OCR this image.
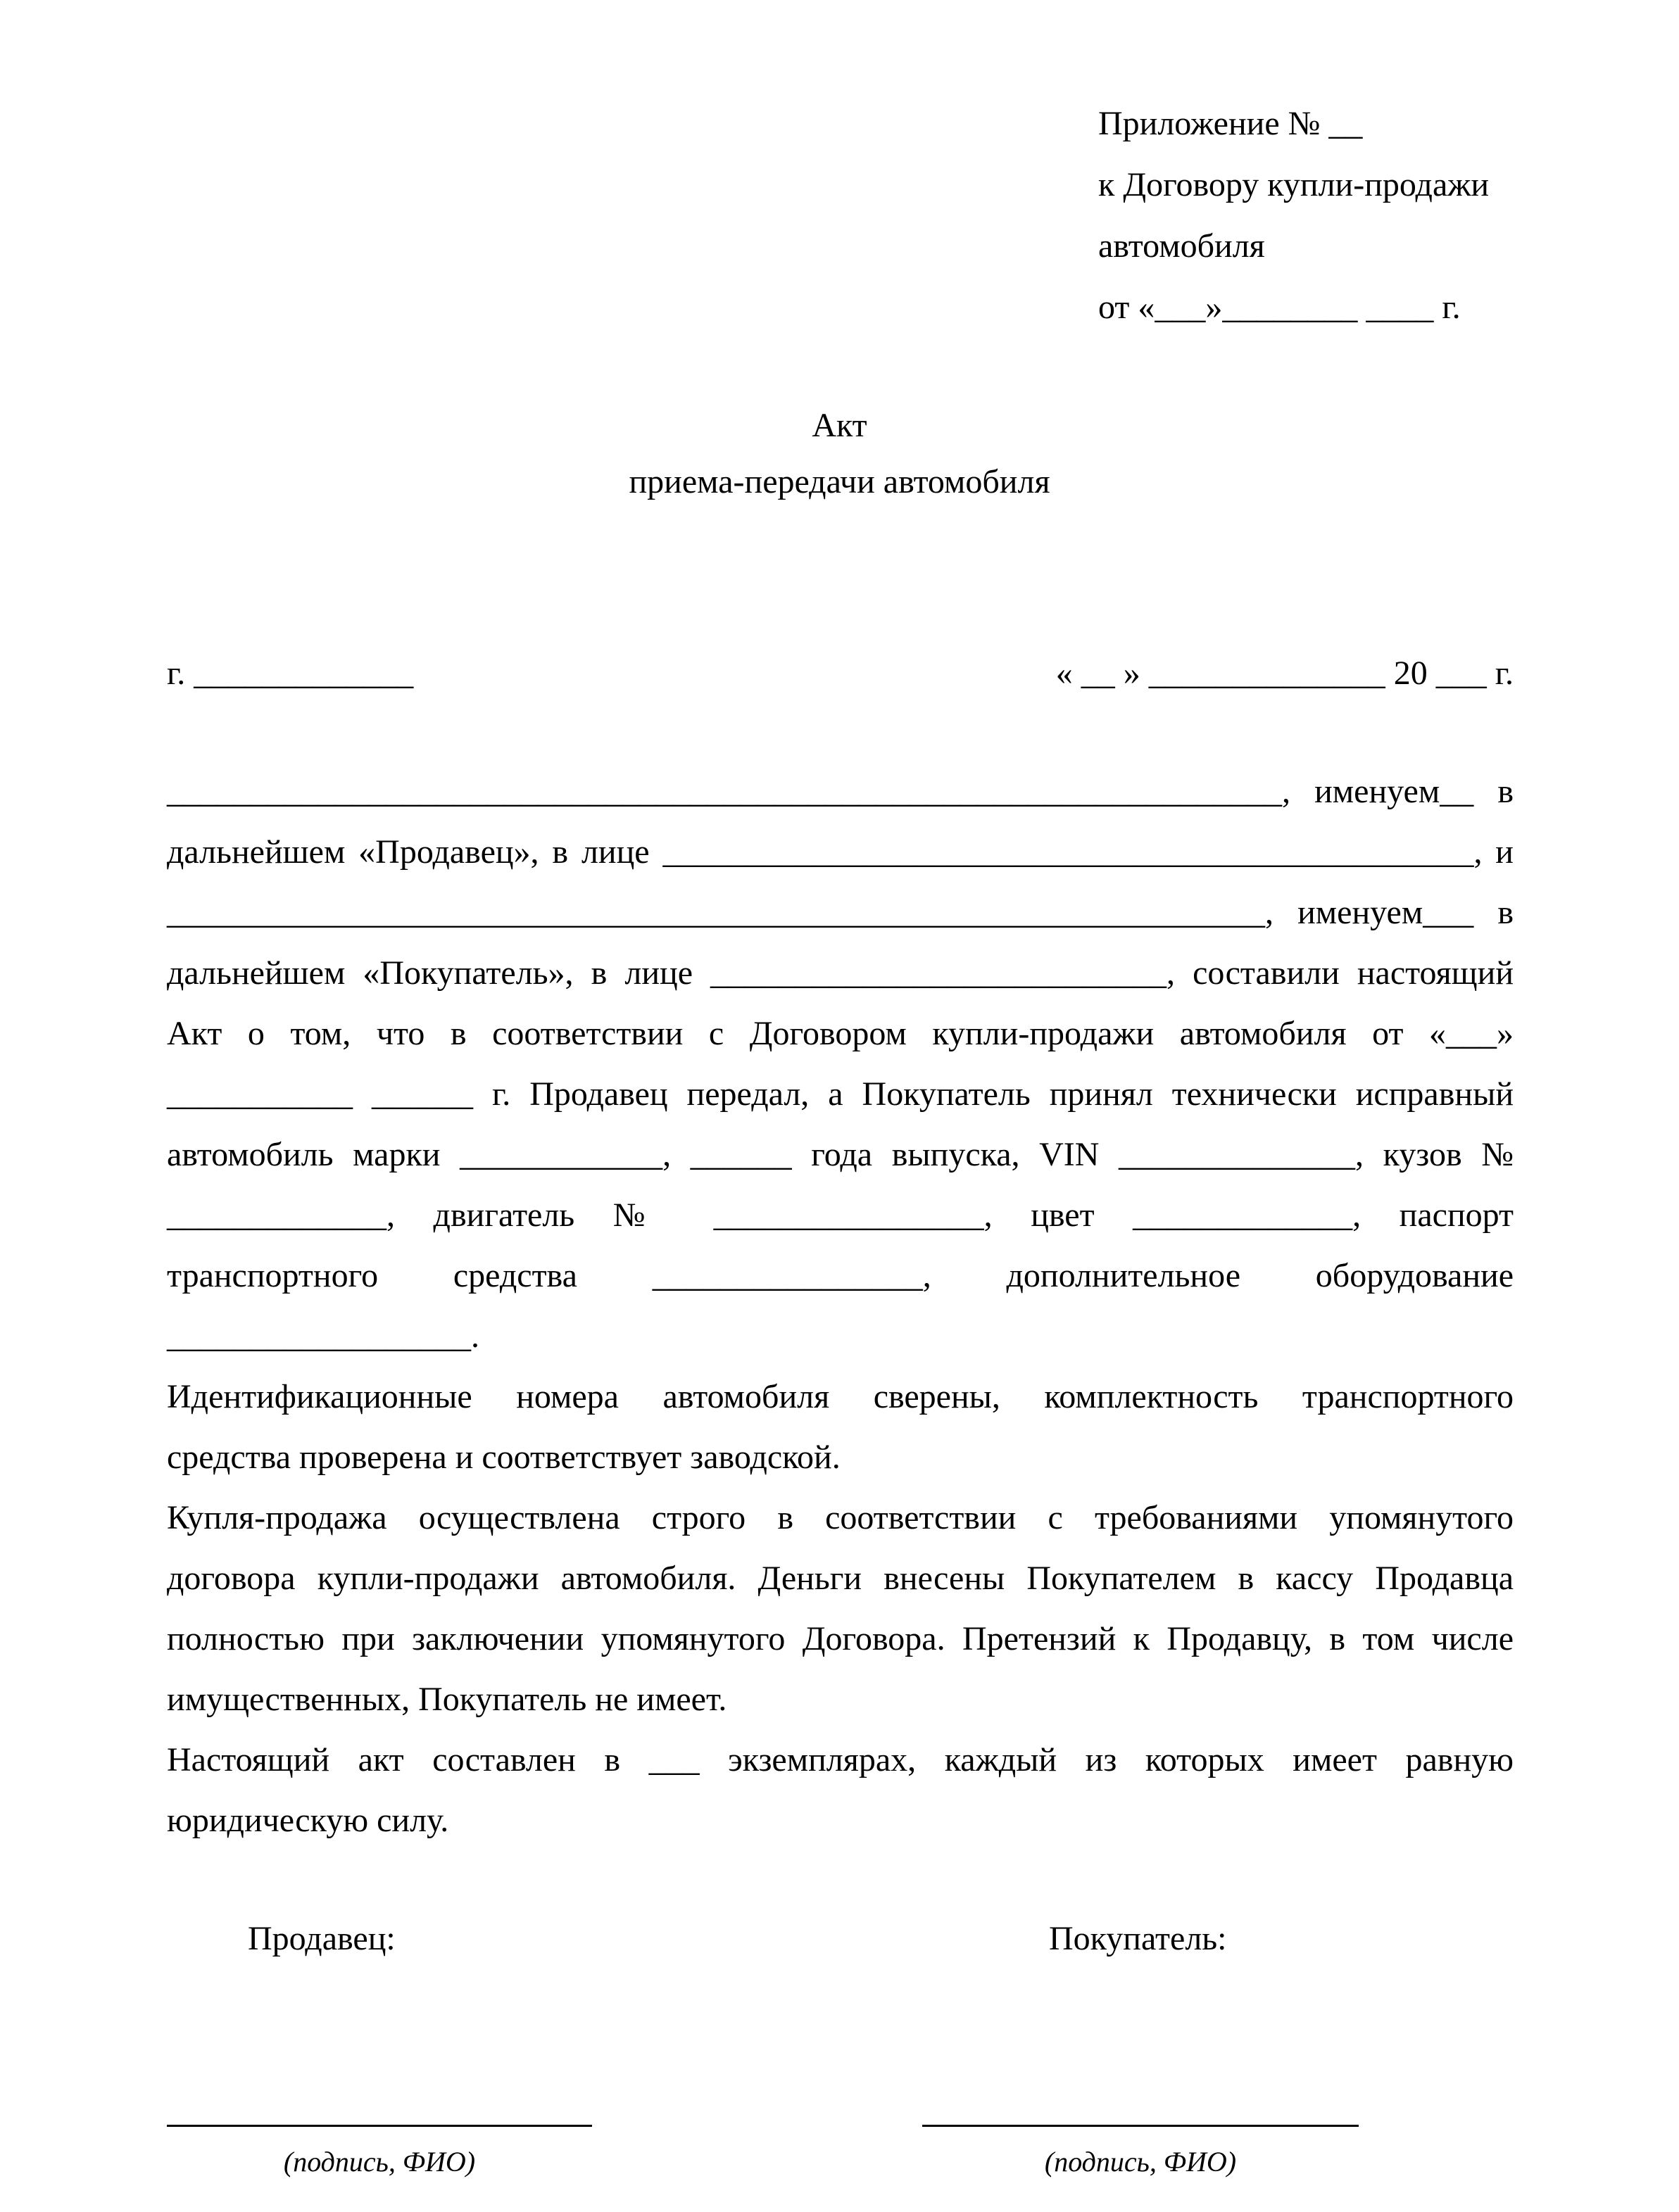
Приложение № __
к Договору купли-продажи
автомобиля
от «___»________ ____ г.
Акт
приема-передачи автомобиля
г. _____________	« __ » ______________ 20 ___ г.
__________________________________________________________________, именуем__ в
дальнейшем «Продавец», в лице ________________________________________________, и
_________________________________________________________________, именуем___ в
дальнейшем «Покупатель», в лице ___________________________, составили настоящий
Акт о том, что в соответствии с Договором купли-продажи автомобиля от «___»
___________ ______ г. Продавец передал, а Покупатель принял технически исправный
автомобиль марки ____________, ______ года выпуска, VIN ______________, кузов №
_____________, двигатель № ________________, цвет _____________, паспорт
транспортного средства ________________, дополнительное оборудование
__________________.
Идентификационные номера автомобиля сверены, комплектность транспортного
средства проверена и соответствует заводской.
Купля-продажа осуществлена строго в соответствии с требованиями упомянутого
договора купли-продажи автомобиля. Деньги внесены Покупателем в кассу Продавца
полностью при заключении упомянутого Договора. Претензий к Продавцу, в том числе
имущественных, Покупатель не имеет.
Настоящий акт составлен в ___ экземплярах, каждый из которых имеет равную
юридическую силу.
Продавец:	Покупатель:
(подпись, ФИО)	(подпись, ФИО)
